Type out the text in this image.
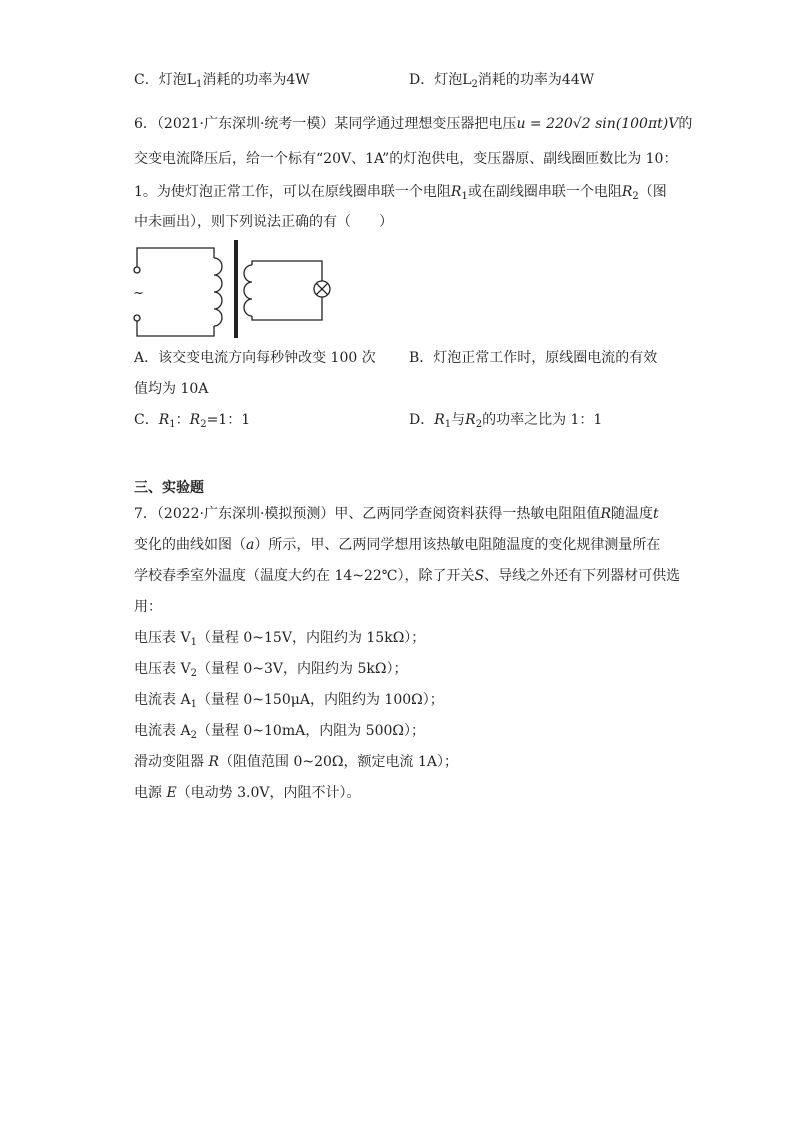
C．灯泡$L_1$消耗的功率为4W	D．灯泡$L_2$消耗的功率为44W
6．（2021·广东深圳·统考一模）某同学通过理想变压器把电压u = 220√2 sin(100πt)V的
交变电流降压后，给一个标有“20V、1A”的灯泡供电，变压器原、副线圈匝数比为 10：
1。为使灯泡正常工作，可以在原线圈串联一个电阻$R_1$或在副线圈串联一个电阻$R_2$（图
中未画出），则下列说法正确的有（　　）
~
A．该交变电流方向每秒钟改变 100 次 B．灯泡正常工作时，原线圈电流的有效
值均为 10A
C．$R_1$：$R_2=1$：1	D．$R_1$与$R_2$的功率之比为 1：1
三、实验题
7．（2022·广东深圳·模拟预测）甲、乙两同学查阅资料获得一热敏电阻阻值R随温度t
变化的曲线如图（a）所示，甲、乙两同学想用该热敏电阻随温度的变化规律测量所在
学校春季室外温度（温度大约在 14~22℃），除了开关S、导线之外还有下列器材可供选
用：
电压表 $V_1$（量程 0~15V，内阻约为 15kΩ）；
电压表 $V_2$（量程 0~3V，内阻约为 5kΩ）；
电流表 $A_1$（量程 0~150μA，内阻约为 100Ω）；
电流表 $A_2$（量程 0~10mA，内阻为 500Ω）；
滑动变阻器 R（阻值范围 0~20Ω，额定电流 1A）；
电源 E（电动势 3.0V，内阻不计）。
